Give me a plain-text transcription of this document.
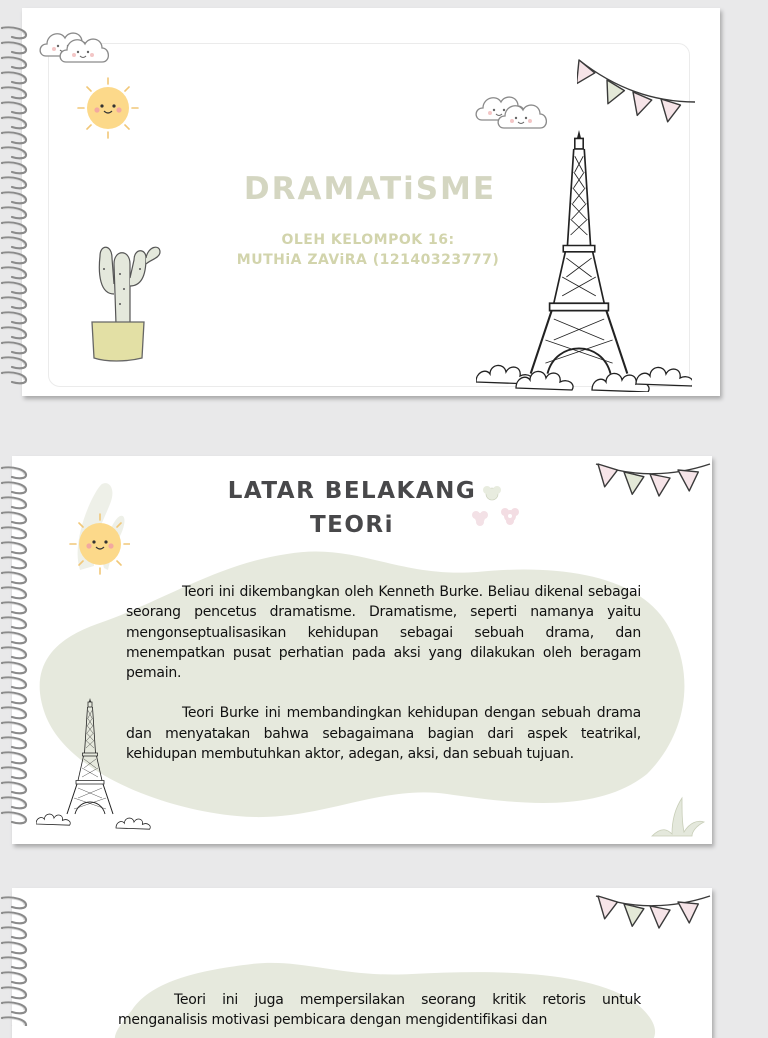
DRAMATiSME

OLEH KELOMPOK 16:
MUTHiA ZAViRA (12140323777)

LATAR BELAKANG
TEORi

Teori ini dikembangkan oleh Kenneth Burke. Beliau dikenal sebagai seorang pencetus dramatisme. Dramatisme, seperti namanya yaitu mengonseptualisasikan kehidupan sebagai sebuah drama, dan menempatkan pusat perhatian pada aksi yang dilakukan oleh beragam pemain.

Teori Burke ini membandingkan kehidupan dengan sebuah drama dan menyatakan bahwa sebagaimana bagian dari aspek teatrikal, kehidupan membutuhkan aktor, adegan, aksi, dan sebuah tujuan.

Teori ini juga mempersilakan seorang kritik retoris untuk menganalisis motivasi pembicara dengan mengidentifikasi dan
